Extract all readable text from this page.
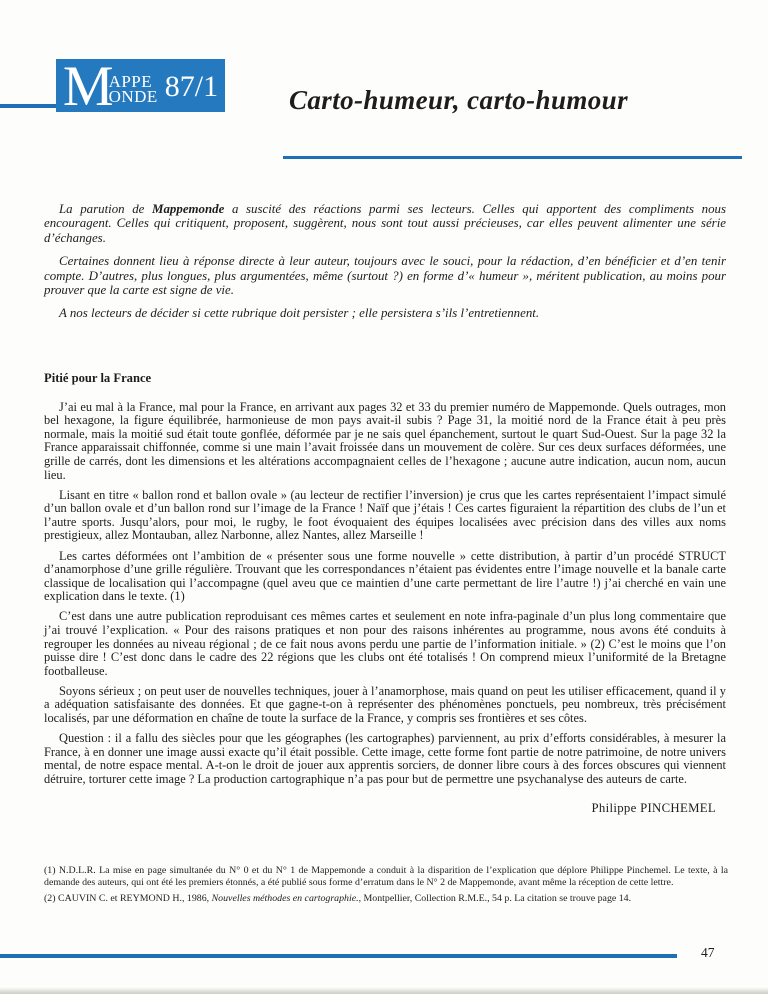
M
APPE
ONDE 87/1	Carto-humeur, carto-humour

La parution de Mappemonde a suscité des réactions parmi ses lecteurs. Celles qui apportent des compliments nous encouragent. Celles qui critiquent, proposent, suggèrent, nous sont tout aussi précieuses, car elles peuvent alimenter une série d’échanges.

Certaines donnent lieu à réponse directe à leur auteur, toujours avec le souci, pour la rédaction, d’en bénéficier et d’en tenir compte. D’autres, plus longues, plus argumentées, même (surtout ?) en forme d’« humeur », méritent publication, au moins pour prouver que la carte est signe de vie.

A nos lecteurs de décider si cette rubrique doit persister ; elle persistera s’ils l’entretiennent.

Pitié pour la France

J’ai eu mal à la France, mal pour la France, en arrivant aux pages 32 et 33 du premier numéro de Mappemonde. Quels outrages, mon bel hexagone, la figure équilibrée, harmonieuse de mon pays avait-il subis ? Page 31, la moitié nord de la France était à peu près normale, mais la moitié sud était toute gonflée, déformée par je ne sais quel épanchement, surtout le quart Sud-Ouest. Sur la page 32 la France apparaissait chiffonnée, comme si une main l’avait froissée dans un mouvement de colère. Sur ces deux surfaces déformées, une grille de carrés, dont les dimensions et les altérations accompagnaient celles de l’hexagone ; aucune autre indication, aucun nom, aucun lieu.

Lisant en titre « ballon rond et ballon ovale » (au lecteur de rectifier l’inversion) je crus que les cartes représentaient l’impact simulé d’un ballon ovale et d’un ballon rond sur l’image de la France ! Naïf que j’étais ! Ces cartes figuraient la répartition des clubs de l’un et l’autre sports. Jusqu’alors, pour moi, le rugby, le foot évoquaient des équipes localisées avec précision dans des villes aux noms prestigieux, allez Montauban, allez Narbonne, allez Nantes, allez Marseille !

Les cartes déformées ont l’ambition de « présenter sous une forme nouvelle » cette distribution, à partir d’un procédé STRUCT d’anamorphose d’une grille régulière. Trouvant que les correspondances n’étaient pas évidentes entre l’image nouvelle et la banale carte classique de localisation qui l’accompagne (quel aveu que ce maintien d’une carte permettant de lire l’autre !) j’ai cherché en vain une explication dans le texte. (1)

C’est dans une autre publication reproduisant ces mêmes cartes et seulement en note infra-paginale d’un plus long commentaire que j’ai trouvé l’explication. « Pour des raisons pratiques et non pour des raisons inhérentes au programme, nous avons été conduits à regrouper les données au niveau régional ; de ce fait nous avons perdu une partie de l’information initiale. » (2) C’est le moins que l’on puisse dire ! C’est donc dans le cadre des 22 régions que les clubs ont été totalisés ! On comprend mieux l’uniformité de la Bretagne footballeuse.

Soyons sérieux ; on peut user de nouvelles techniques, jouer à l’anamorphose, mais quand on peut les utiliser efficacement, quand il y a adéquation satisfaisante des données. Et que gagne-t-on à représenter des phénomènes ponctuels, peu nombreux, très précisément localisés, par une déformation en chaîne de toute la surface de la France, y compris ses frontières et ses côtes.

Question : il a fallu des siècles pour que les géographes (les cartographes) parviennent, au prix d’efforts considérables, à mesurer la France, à en donner une image aussi exacte qu’il était possible. Cette image, cette forme font partie de notre patrimoine, de notre univers mental, de notre espace mental. A-t-on le droit de jouer aux apprentis sorciers, de donner libre cours à des forces obscures qui viennent détruire, torturer cette image ? La production cartographique n’a pas pour but de permettre une psychanalyse des auteurs de carte.

Philippe PINCHEMEL

(1) N.D.L.R. La mise en page simultanée du N° 0 et du N° 1 de Mappemonde a conduit à la disparition de l’explication que déplore Philippe Pinchemel. Le texte, à la demande des auteurs, qui ont été les premiers étonnés, a été publié sous forme d’erratum dans le N° 2 de Mappemonde, avant même la réception de cette lettre.

(2) CAUVIN C. et REYMOND H., 1986, Nouvelles méthodes en cartographie., Montpellier, Collection R.M.E., 54 p. La citation se trouve page 14.

47
